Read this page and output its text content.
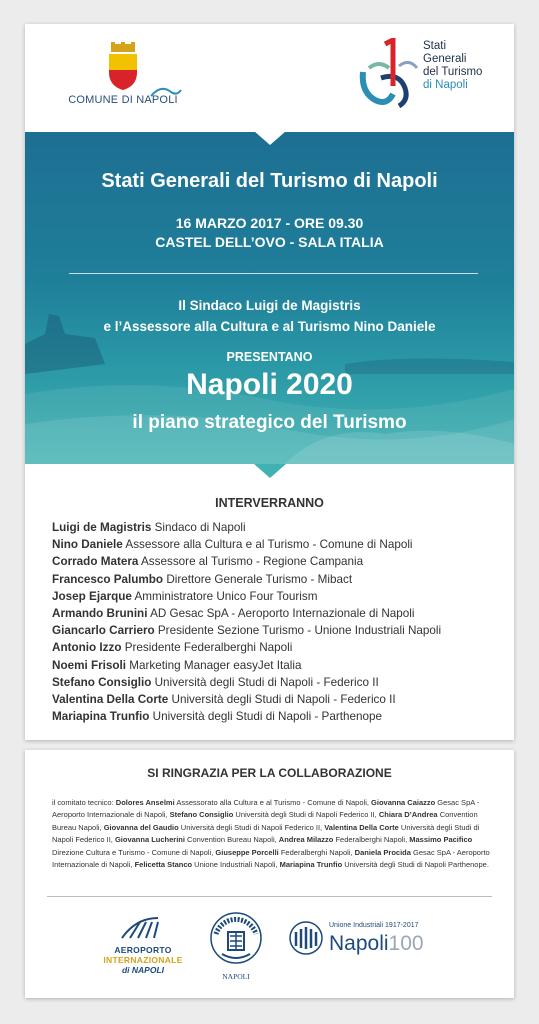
COMUNE DI NAPOLI
Stati
Generali
del Turismo
di Napoli
Stati Generali del Turismo di Napoli
16 MARZO 2017 - ORE 09.30
CASTEL DELL’OVO - SALA ITALIA
Il Sindaco Luigi de Magistris
e l’Assessore alla Cultura e al Turismo Nino Daniele
PRESENTANO
Napoli 2020
il piano strategico del Turismo
INTERVERRANNO
Luigi de Magistris Sindaco di Napoli
Nino Daniele Assessore alla Cultura e al Turismo - Comune di Napoli
Corrado Matera Assessore al Turismo - Regione Campania
Francesco Palumbo Direttore Generale Turismo - Mibact
Josep Ejarque Amministratore Unico Four Tourism
Armando Brunini AD Gesac SpA - Aeroporto Internazionale di Napoli
Giancarlo Carriero Presidente Sezione Turismo - Unione Industriali Napoli
Antonio Izzo Presidente Federalberghi Napoli
Noemi Frisoli Marketing Manager easyJet Italia
Stefano Consiglio Università degli Studi di Napoli - Federico II
Valentina Della Corte Università degli Studi di Napoli - Federico II
Mariapina Trunfio Università degli Studi di Napoli - Parthenope
SI RINGRAZIA PER LA COLLABORAZIONE
il comitato tecnico: Dolores Anselmi Assessorato alla Cultura e al Turismo - Comune di Napoli, Giovanna Caiazzo Gesac SpA - Aeroporto Internazionale di Napoli, Stefano Consiglio Università degli Studi di Napoli Federico II, Chiara D’Andrea Convention Bureau Napoli, Giovanna del Gaudio Università degli Studi di Napoli Federico II, Valentina Della Corte Università degli Studi di Napoli Federico II, Giovanna Lucherini Convention Bureau Napoli, Andrea Milazzo Federalberghi Napoli, Massimo Pacifico Direzione Cultura e Turismo - Comune di Napoli, Giuseppe Porcelli Federalberghi Napoli, Daniela Procida Gesac SpA - Aeroporto Internazionale di Napoli, Felicetta Stanco Unione Industriali Napoli, Mariapina Trunfio Università degli Studi di Napoli Parthenope.
AEROPORTO
INTERNAZIONALE
di NAPOLI
NAPOLI
Unione Industriali 1917-2017
Napoli100
